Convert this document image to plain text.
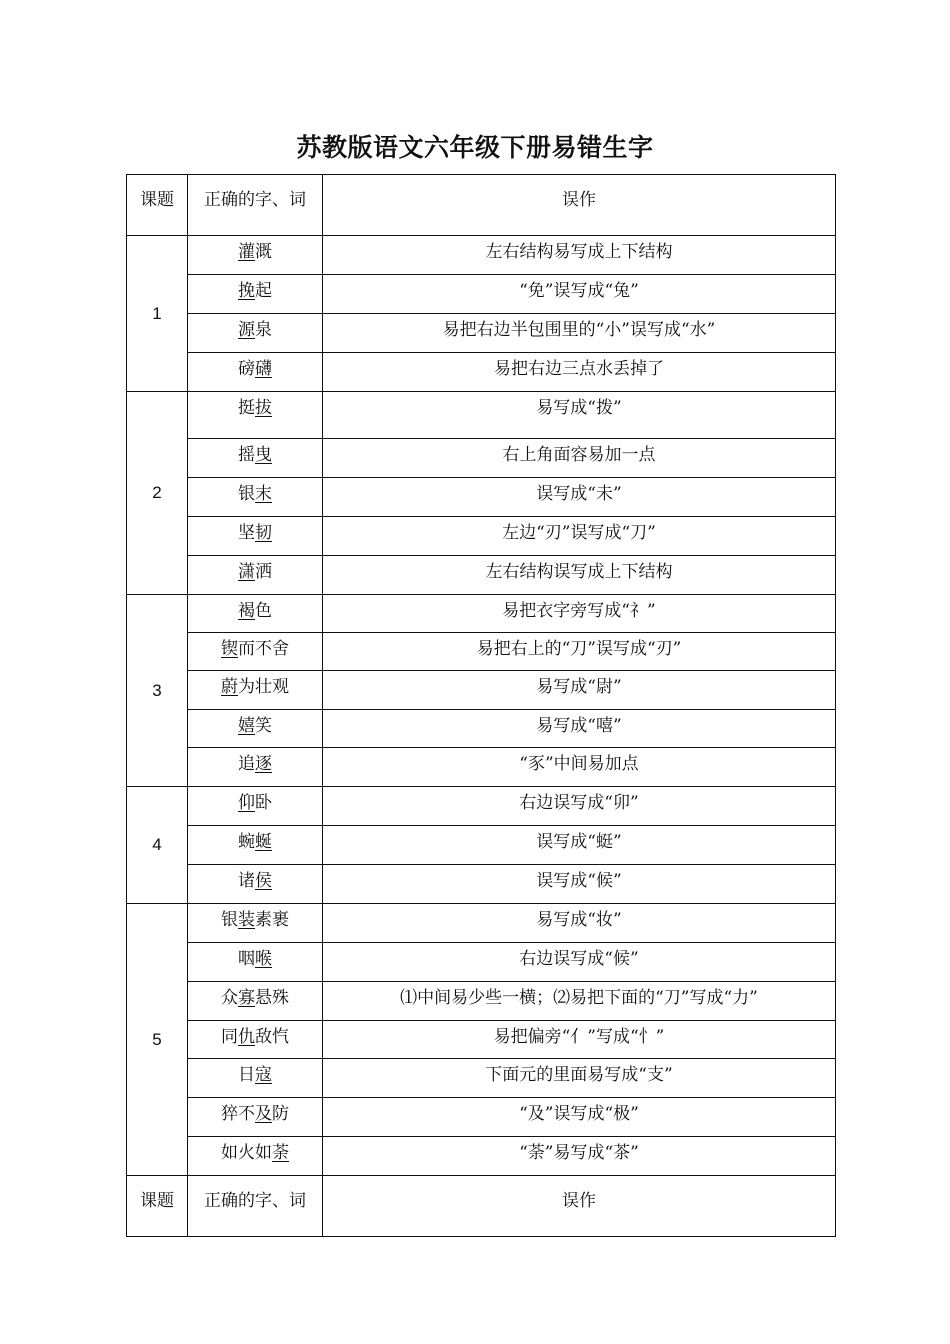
苏教版语文六年级下册易错生字
课题	正确的字、词	误作

1	灌溉	左右结构易写成上下结构

	挽起	“免”误写成“兔”

	源泉	易把右边半包围里的“小”误写成“水”

	磅礴	易把右边三点水丢掉了

2	挺拔	易写成“拨”

	摇曳	右上角面容易加一点

	银末	误写成“未”

	坚韧	左边“刃”误写成“刀”

	潇洒	左右结构误写成上下结构

3	褐色	易把衣字旁写成“礻”

	锲而不舍	易把右上的“刀”误写成“刃”

	蔚为壮观	易写成“尉”

	嬉笑	易写成“嘻”

	追逐	“豕”中间易加点

4	仰卧	右边误写成“卯”

	蜿蜒	误写成“蜓”

	诸侯	误写成“候”

5	银装素裹	易写成“妆”

	咽喉	右边误写成“候”

	众寡悬殊	⑴中间易少些一横；⑵易把下面的“刀”写成“力”

	同仇敌忾	易把偏旁“亻”写成“忄”

	日寇	下面元的里面易写成“支”

	猝不及防	“及”误写成“极”

	如火如荼	“荼”易写成“茶”

课题	正确的字、词	误作
